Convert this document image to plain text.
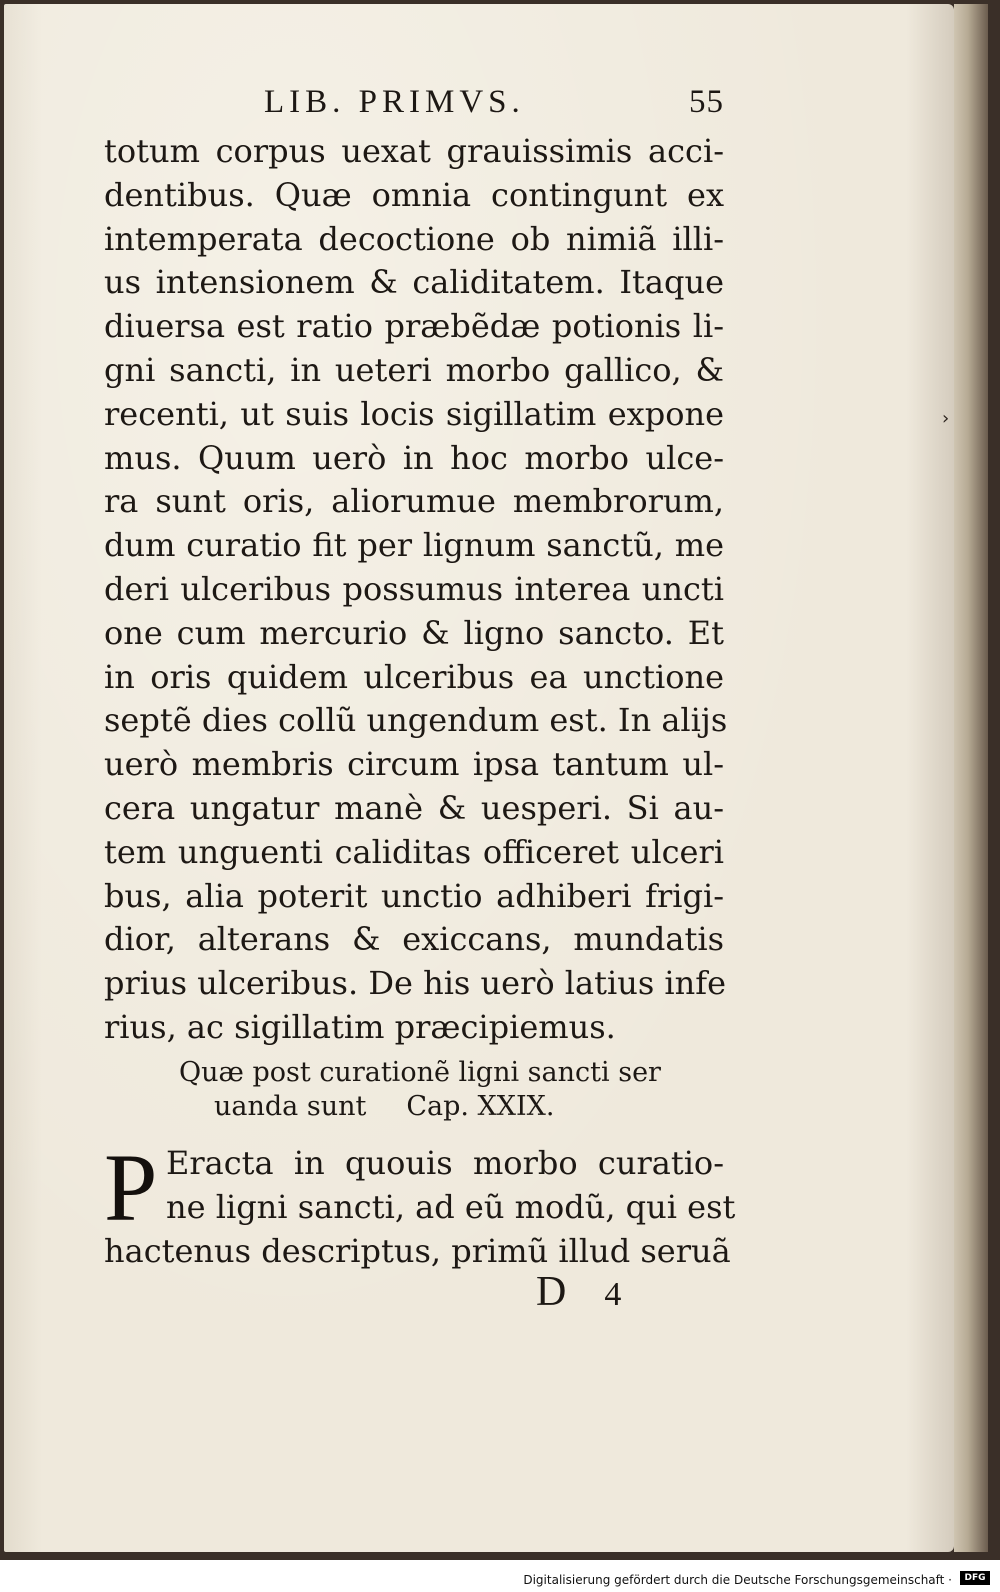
LIB. PRIMVS.	55
totum corpus uexat grauissimis acci-
dentibus. Quæ omnia contingunt ex
intemperata decoctione ob nimiã illi-
us intensionem & caliditatem. Itaque
diuersa est ratio præbẽdæ potionis li-
gni sancti, in ueteri morbo gallico, &
recenti, ut suis locis sigillatim expone
mus. Quum uerò in hoc morbo ulce-
ra sunt oris, aliorumue membrorum,
dum curatio fit per lignum sanctũ, me
deri ulceribus possumus interea uncti
one cum mercurio & ligno sancto. Et
in oris quidem ulceribus ea unctione
septẽ dies collũ ungendum est. In alijs
uerò membris circum ipsa tantum ul-
cera ungatur manè & uesperi. Si au-
tem unguenti caliditas officeret ulceri
bus, alia poterit unctio adhiberi frigi-
dior, alterans & exiccans, mundatis
prius ulceribus. De his uerò latius infe
rius, ac sigillatim præcipiemus.
Quæ post curationẽ ligni sancti ser
uanda sunt Cap. XXIX.
P Eracta in quouis morbo curatio-
ne ligni sancti, ad eũ modũ, qui est
hactenus descriptus, primũ illud seruã
D 4
›
Digitalisierung gefördert durch die Deutsche Forschungsgemeinschaft ·	DFG
